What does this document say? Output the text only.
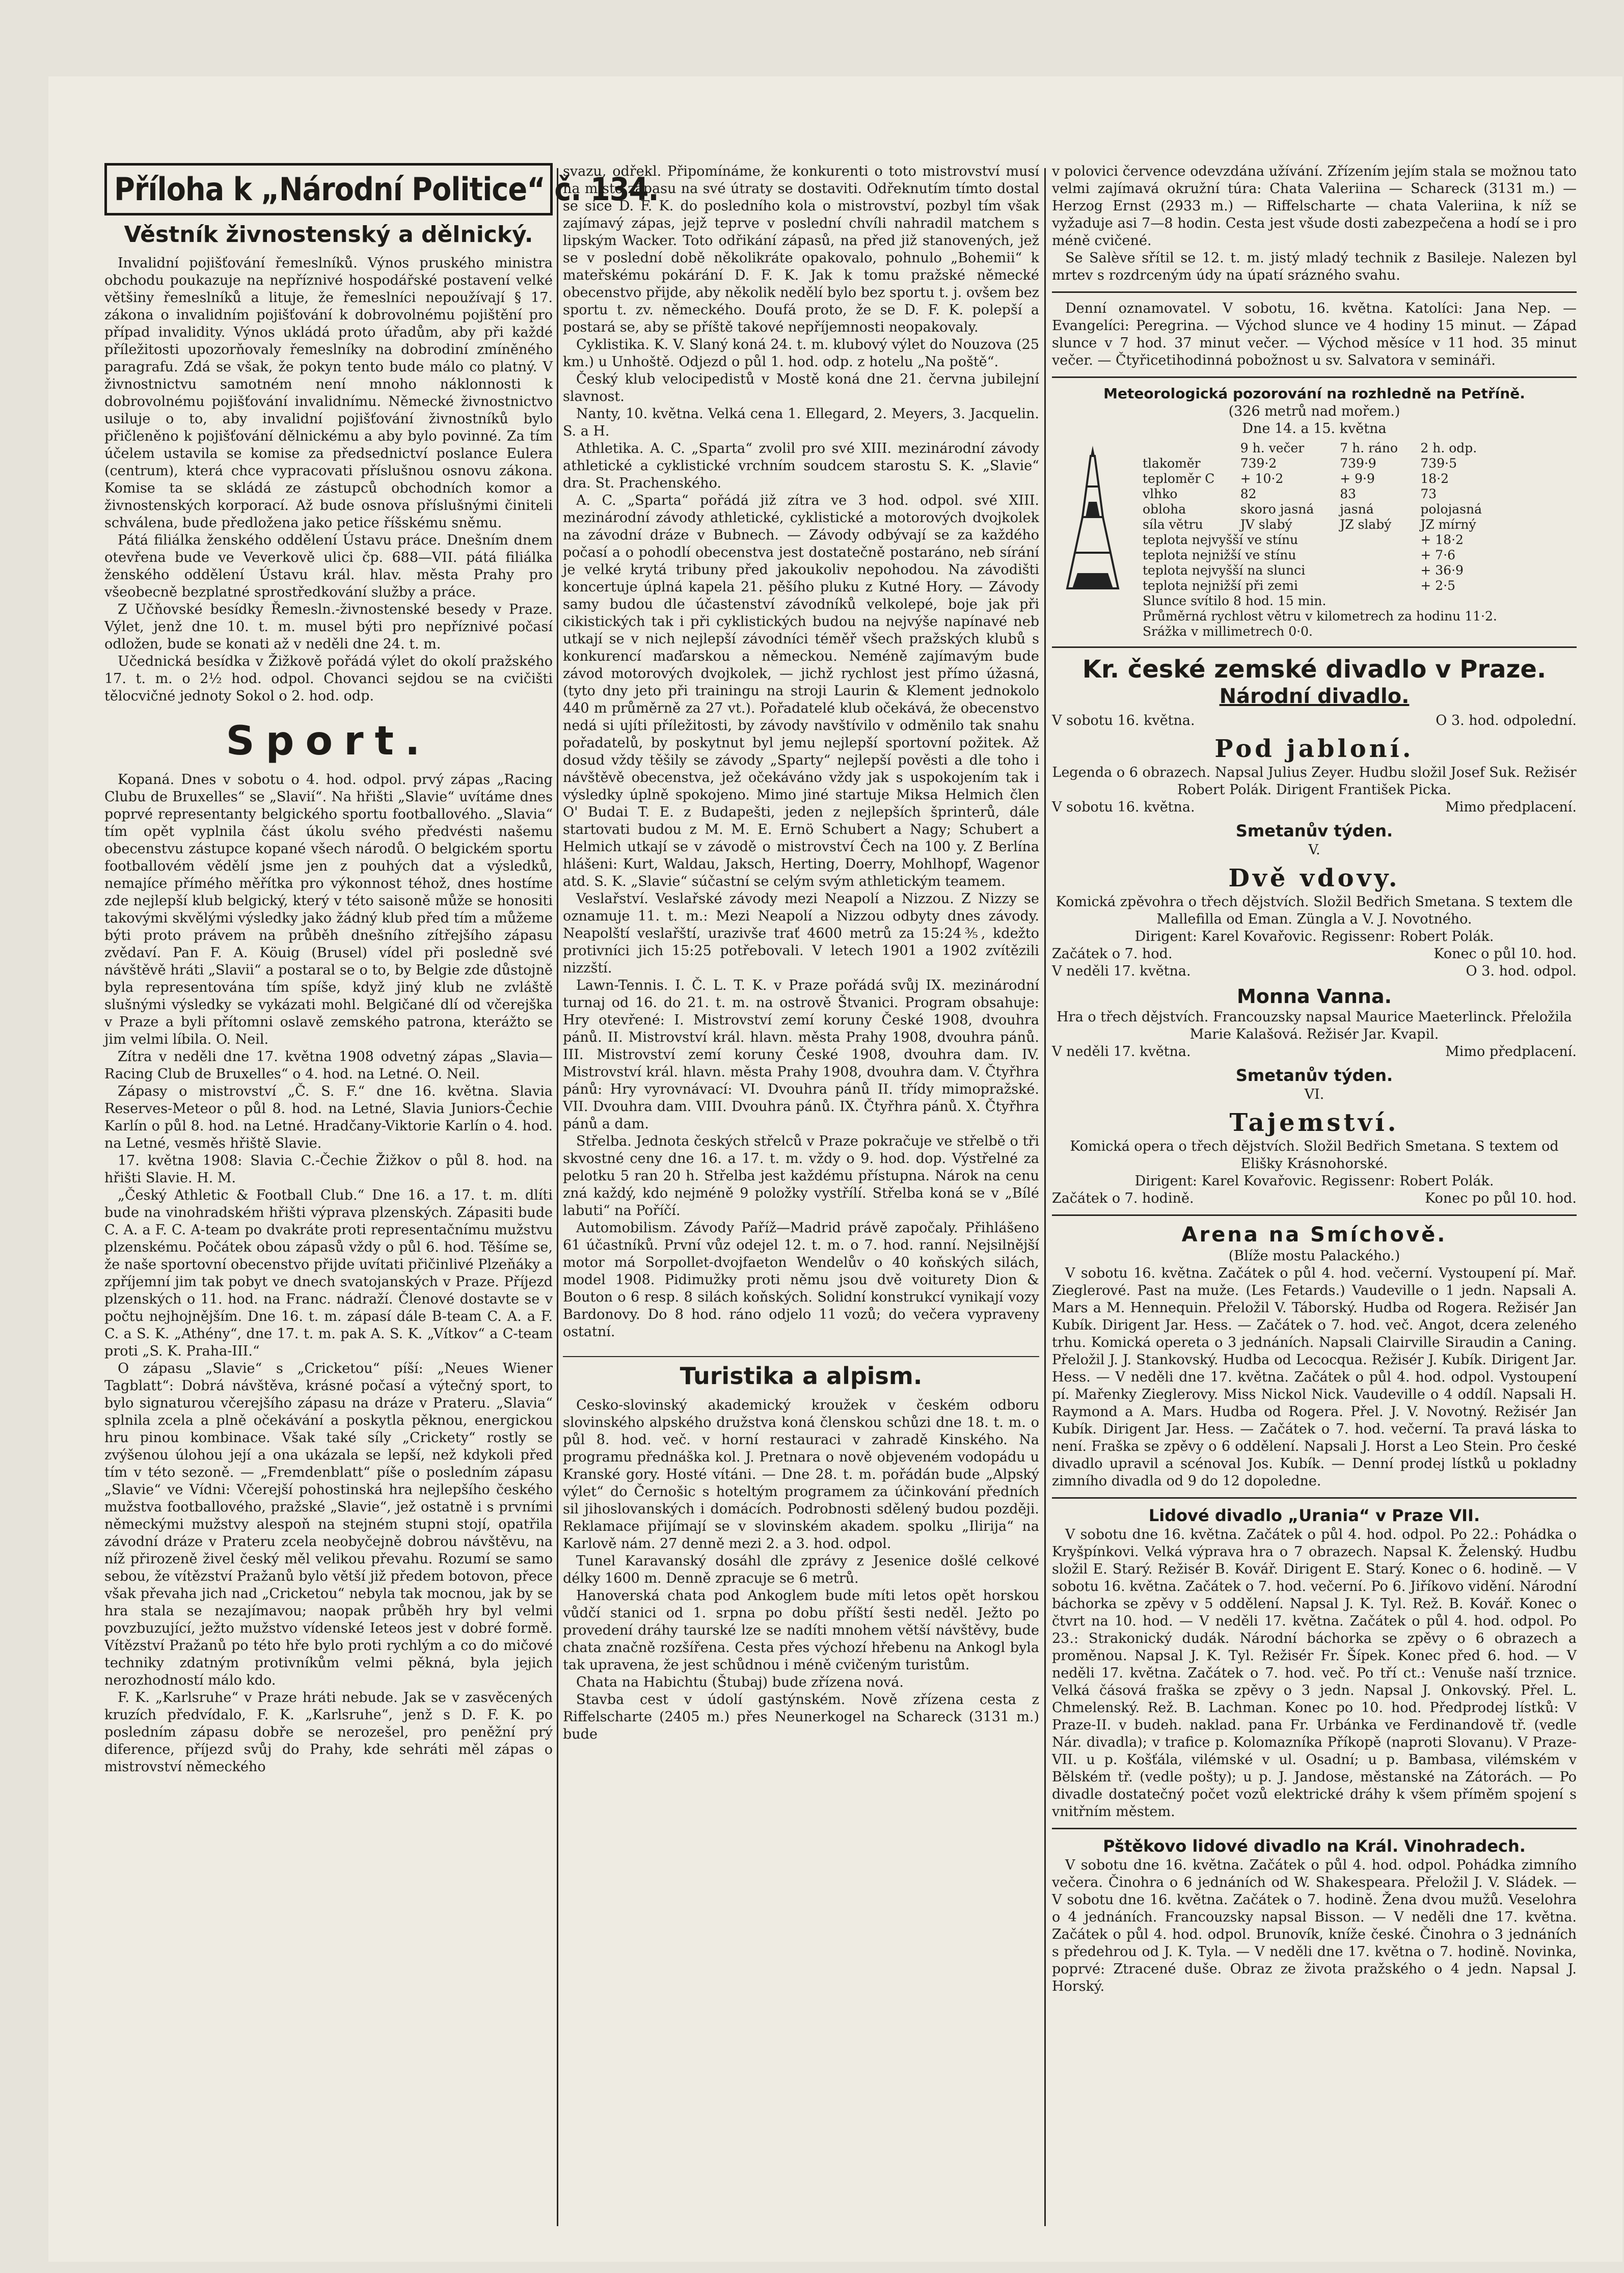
Příloha k „Národní Politice“ č. 134.
Věstník živnostenský a dělnický.

Invalidní pojišťování řemeslníků. Výnos pruského ministra obchodu poukazuje na nepříznivé hospodářské postavení velké většiny řemeslníků a lituje, že řemeslníci nepoužívají § 17. zákona o invalidním pojišťování k dobrovolnému pojištění pro případ invalidity. Výnos ukládá proto úřadům, aby při každé příležitosti upozorňovaly řemeslníky na dobrodiní zmíněného paragrafu. Zdá se však, že pokyn tento bude málo co platný. V živnostnictvu samotném není mnoho náklonnosti k dobrovolnému pojišťování invalidnímu. Německé živnostnictvo usiluje o to, aby invalidní pojišťování živnostníků bylo přičleněno k pojišťování dělnickému a aby bylo povinné. Za tím účelem ustavila se komise za předsednictví poslance Eulera (centrum), která chce vypracovati příslušnou osnovu zákona. Komise ta se skládá ze zástupců obchodních komor a živnostenských korporací. Až bude osnova příslušnými činiteli schválena, bude předložena jako petice říšskému sněmu.

Pátá filiálka ženského oddělení Ústavu práce. Dnešním dnem otevřena bude ve Veverkově ulici čp. 688—VII. pátá filiálka ženského oddělení Ústavu král. hlav. města Prahy pro všeobecně bezplatné sprostředkování služby a práce.

Z Učňovské besídky Řemesln.-živnostenské besedy v Praze. Výlet, jenž dne 10. t. m. musel býti pro nepříznivé počasí odložen, bude se konati až v neděli dne 24. t. m.

Učednická besídka v Žižkově pořádá výlet do okolí pražského 17. t. m. o 2½ hod. odpol. Chovanci sejdou se na cvičišti tělocvičné jednoty Sokol o 2. hod. odp.

Sport.

Kopaná. Dnes v sobotu o 4. hod. odpol. prvý zápas „Racing Clubu de Bruxelles“ se „Slavií“. Na hřišti „Slavie“ uvítáme dnes poprvé representanty belgického sportu footballového. „Slavia“ tím opět vyplnila část úkolu svého předvésti našemu obecenstvu zástupce kopané všech národů. O belgickém sportu footballovém vědělí jsme jen z pouhých dat a výsledků, nemajíce přímého měřítka pro výkonnost téhož, dnes hostíme zde nejlepší klub belgický, který v této saisoně může se honositi takovými skvělými výsledky jako žádný klub před tím a můžeme býti proto právem na průběh dnešního zítřejšího zápasu zvědaví. Pan F. A. Köuig (Brusel) vídel při posledně své návštěvě hráti „Slavii“ a postaral se o to, by Belgie zde důstojně byla representována tím spíše, když jiný klub ne zvláště slušnými výsledky se vykázati mohl. Belgičané dlí od včerejška v Praze a byli přítomni oslavě zemského patrona, kterážto se jim velmi líbila. O. Neil.

Zítra v neděli dne 17. května 1908 odvetný zápas „Slavia—Racing Club de Bruxelles“ o 4. hod. na Letné. O. Neil.

Zápasy o mistrovství „Č. S. F.“ dne 16. května. Slavia Reserves-Meteor o půl 8. hod. na Letné, Slavia Juniors-Čechie Karlín o půl 8. hod. na Letné. Hradčany-Viktorie Karlín o 4. hod. na Letné, vesměs hřiště Slavie.

17. května 1908: Slavia C.-Čechie Žižkov o půl 8. hod. na hřišti Slavie. H. M.

„Český Athletic & Football Club.“ Dne 16. a 17. t. m. dlíti bude na vinohradském hřišti výprava plzenských. Zápasiti bude C. A. a F. C. A-team po dvakráte proti representačnímu mužstvu plzenskému. Počátek obou zápasů vždy o půl 6. hod. Těšíme se, že naše sportovní obecenstvo přijde uvítati přičinlivé Plzeňáky a zpříjemní jim tak pobyt ve dnech svatojanských v Praze. Příjezd plzenských o 11. hod. na Franc. nádraží. Členové dostavte se v počtu nejhojnějším. Dne 16. t. m. zápasí dále B-team C. A. a F. C. a S. K. „Athény“, dne 17. t. m. pak A. S. K. „Vítkov“ a C-team proti „S. K. Praha-III.“

O zápasu „Slavie“ s „Cricketou“ píší: „Neues Wiener Tagblatt“: Dobrá návštěva, krásné počasí a výtečný sport, to bylo signaturou včerejšího zápasu na dráze v Prateru. „Slavia“ splnila zcela a plně očekávání a poskytla pěknou, energickou hru pinou kombinace. Však také síly „Crickety“ rostly se zvýšenou úlohou její a ona ukázala se lepší, než kdykoli před tím v této sezoně. — „Fremdenblatt“ píše o posledním zápasu „Slavie“ ve Vídni: Včerejší pohostinská hra nejlepšího českého mužstva footballového, pražské „Slavie“, jež ostatně i s prvními německými mužstvy alespoň na stejném stupni stojí, opatřila závodní dráze v Prateru zcela neobyčejně dobrou návštěvu, na níž přirozeně živel český měl velikou převahu. Rozumí se samo sebou, že vítězství Pražanů bylo větší již předem botovon, přece však převaha jich nad „Cricketou“ nebyla tak mocnou, jak by se hra stala se nezajímavou; naopak průběh hry byl velmi povzbuzující, ježto mužstvo vídenské Ieteos jest v dobré formě. Vítězství Pražanů po této hře bylo proti rychlým a co do mičové techniky zdatným protivníkům velmi pěkná, byla jejich nerozhodností málo kdo.

F. K. „Karlsruhe“ v Praze hráti nebude. Jak se v zasvěcených kruzích předvídalo, F. K. „Karlsruhe“, jenž s D. F. K. po posledním zápasu dobře se nerozešel, pro peněžní prý diference, příjezd svůj do Prahy, kde sehráti měl zápas o mistrovství německého

svazu, odřekl. Připomínáme, že konkurenti o toto mistrovství musí na místo zápasu na své útraty se dostaviti. Odřeknutím tímto dostal se sice D. F. K. do posledního kola o mistrovství, pozbyl tím však zajímavý zápas, jejž teprve v poslední chvíli nahradil matchem s lipským Wacker. Toto odřikání zápasů, na před již stanovených, jež se v poslední době několikráte opakovalo, pohnulo „Bohemii“ k mateřskému pokárání D. F. K. Jak k tomu pražské německé obecenstvo přijde, aby několik nedělí bylo bez sportu t. j. ovšem bez sportu t. zv. německého. Doufá proto, že se D. F. K. polepší a postará se, aby se příště takové nepříjemnosti neopakovaly.

Cyklistika. K. V. Slaný koná 24. t. m. klubový výlet do Nouzova (25 km.) u Unhoště. Odjezd o půl 1. hod. odp. z hotelu „Na poště“.

Český klub velocipedistů v Mostě koná dne 21. června jubilejní slavnost.

Nanty, 10. května. Velká cena 1. Ellegard, 2. Meyers, 3. Jacquelin. S. a H.

Athletika. A. C. „Sparta“ zvolil pro své XIII. mezinárodní závody athletické a cyklistické vrchním soudcem starostu S. K. „Slavie“ dra. St. Prachenského.

A. C. „Sparta“ pořádá již zítra ve 3 hod. odpol. své XIII. mezinárodní závody athletické, cyklistické a motorových dvojkolek na závodní dráze v Bubnech. — Závody odbývají se za každého počasí a o pohodlí obecenstva jest dostatečně postaráno, neb sírání je velké krytá tribuny před jakoukoliv nepohodou. Na závodišti koncertuje úplná kapela 21. pěšího pluku z Kutné Hory. — Závody samy budou dle účastenství závodníků velkolepé, boje jak při cikistických tak i při cyklistických budou na nejvýše napínavé neb utkají se v nich nejlepší závodníci téměř všech pražských klubů s konkurencí maďarskou a německou. Neméně zajímavým bude závod motorových dvojkolek, — jichž rychlost jest přímo úžasná, (tyto dny jeto při trainingu na stroji Laurin & Klement jednokolo 440 m průměrně za 27 vt.). Pořadatelé klub očekává, že obecenstvo nedá si ujíti příležitosti, by závody navštívilo v odměnilo tak snahu pořadatelů, by poskytnut byl jemu nejlepší sportovní požitek. Až dosud vždy těšily se závody „Sparty“ nejlepší pověsti a dle toho i návštěvě obecenstva, jež očekáváno vždy jak s uspokojením tak i výsledky úplně spokojeno. Mimo jiné startuje Miksa Helmich člen O' Budai T. E. z Budapešti, jeden z nejlepších šprinterů, dále startovati budou z M. M. E. Ernö Schubert a Nagy; Schubert a Helmich utkají se v závodě o mistrovství Čech na 100 y. Z Berlína hlášeni: Kurt, Waldau, Jaksch, Herting, Doerry, Mohlhopf, Wagenor atd. S. K. „Slavie“ súčastní se celým svým athletickým teamem.

Veslařství. Veslařské závody mezi Neapolí a Nizzou. Z Nizzy se oznamuje 11. t. m.: Mezi Neapolí a Nizzou odbyty dnes závody. Neapolští veslařští, urazivše trať 4600 metrů za 15:24⅗, kdežto protivníci jich 15:25 potřebovali. V letech 1901 a 1902 zvítězili nizzští.

Lawn-Tennis. I. Č. L. T. K. v Praze pořádá svůj IX. mezinárodní turnaj od 16. do 21. t. m. na ostrově Štvanici. Program obsahuje: Hry otevřené: I. Mistrovství zemí koruny České 1908, dvouhra pánů. II. Mistrovství král. hlavn. města Prahy 1908, dvouhra pánů. III. Mistrovství zemí koruny České 1908, dvouhra dam. IV. Mistrovství král. hlavn. města Prahy 1908, dvouhra dam. V. Čtyřhra pánů: Hry vyrovnávací: VI. Dvouhra pánů II. třídy mimopražské. VII. Dvouhra dam. VIII. Dvouhra pánů. IX. Čtyřhra pánů. X. Čtyřhra pánů a dam.

Střelba. Jednota českých střelců v Praze pokračuje ve střelbě o tři skvostné ceny dne 16. a 17. t. m. vždy o 9. hod. dop. Výstřelné za pelotku 5 ran 20 h. Střelba jest každému přístupna. Nárok na cenu zná každý, kdo nejméně 9 položky vystřílí. Střelba koná se v „Bílé labuti“ na Poříčí.

Automobilism. Závody Paříž—Madrid právě započaly. Přihlášeno 61 účastníků. První vůz odejel 12. t. m. o 7. hod. ranní. Nejsilnější motor má Sorpollet-dvojfaeton Wendelův o 40 koňských silách, model 1908. Pidimužky proti němu jsou dvě voiturety Dion & Bouton o 6 resp. 8 silách koňských. Solidní konstrukcí vynikají vozy Bardonovy. Do 8 hod. ráno odjelo 11 vozů; do večera vypraveny ostatní.

Turistika a alpism.

Cesko-slovinský akademický kroužek v českém odboru slovinského alpského družstva koná členskou schůzi dne 18. t. m. o půl 8. hod. več. v horní restauraci v zahradě Kinského. Na programu přednáška kol. J. Pretnara o nově objeveném vodopádu u Kranské gory. Hosté vítáni. — Dne 28. t. m. pořádán bude „Alpský výlet“ do Černošic s hoteltým programem za účinkování předních sil jihoslovanských i domácích. Podrobnosti sdělený budou později. Reklamace přijímají se v slovinském akadem. spolku „Ilirija“ na Karlově nám. 27 denně mezi 2. a 3. hod. odpol.

Tunel Karavanský dosáhl dle zprávy z Jesenice došlé celkové délky 1600 m. Denně zpracuje se 6 metrů.

Hanoverská chata pod Ankoglem bude míti letos opět horskou vůdčí stanici od 1. srpna po dobu příští šesti neděl. Ježto po provedení dráhy taurské lze se nadíti mnohem větší návštěvy, bude chata značně rozšířena. Cesta přes výchozí hřebenu na Ankogl byla tak upravena, že jest schůdnou i méně cvičeným turistům.

Chata na Habichtu (Štubaj) bude zřízena nová.

Stavba cest v údolí gastýnském. Nově zřízena cesta z Riffelscharte (2405 m.) přes Neunerkogel na Schareck (3131 m.) bude

v polovici července odevzdána užívání. Zřízením jejím stala se možnou tato velmi zajímavá okružní túra: Chata Valeriina — Schareck (3131 m.) — Herzog Ernst (2933 m.) — Riffelscharte — chata Valeriina, k níž se vyžaduje asi 7—8 hodin. Cesta jest všude dosti zabezpečena a hodí se i pro méně cvičené.

Se Salève sřítil se 12. t. m. jistý mladý technik z Basileje. Nalezen byl mrtev s rozdrceným údy na úpatí srázného svahu.

Denní oznamovatel. V sobotu, 16. května. Katolíci: Jana Nep. — Evangelíci: Peregrina. — Východ slunce ve 4 hodiny 15 minut. — Západ slunce v 7 hod. 37 minut večer. — Východ měsíce v 11 hod. 35 minut večer. — Čtyřicetihodinná pobožnost u sv. Salvatora v semináři.

Meteorologická pozorování na rozhledně na Petříně.
(326 metrů nad mořem.)
Dne 14. a 15. května
	9 h. večer	7 h. ráno	2 h. odp.
tlakoměr	739·2	739·9	739·5
teploměr C	+ 10·2	+ 9·9	18·2
vlhko	82	83	73
obloha	skoro jasná	jasná	polojasná
síla větru	JV slabý	JZ slabý	JZ mírný
teplota nejvyšší ve stínu			+ 18·2
teplota nejnižší ve stínu			+ 7·6
teplota nejvyšší na slunci			+ 36·9
teplota nejnižší při zemi			+ 2·5
Slunce svítilo 8 hod. 15 min.			
Průměrná rychlost větru v kilometrech za hodinu 11·2.			
Srážka v millimetrech 0·0.			
Kr. české zemské divadlo v Praze.
Národní divadlo.
V sobotu 16. května.	O 3. hod. odpolední.
Pod jabloní.
Legenda o 6 obrazech. Napsal Julius Zeyer. Hudbu složil Josef Suk. Režisér Robert Polák. Dirigent František Picka.
V sobotu 16. května.	Mimo předplacení.
Smetanův týden.
V.
Dvě vdovy.
Komická zpěvohra o třech dějstvích. Složil Bedřich Smetana. S textem dle Mallefilla od Eman. Züngla a V. J. Novotného.
Dirigent: Karel Kovařovic. Regissenr: Robert Polák.
Začátek o 7. hod.	Konec o půl 10. hod.
V neděli 17. května.	O 3. hod. odpol.
Monna Vanna.
Hra o třech dějstvích. Francouzsky napsal Maurice Maeterlinck. Přeložila Marie Kalašová. Režisér Jar. Kvapil.
V neděli 17. května.	Mimo předplacení.
Smetanův týden.
VI.
Tajemství.
Komická opera o třech dějstvích. Složil Bedřich Smetana. S textem od Elišky Krásnohorské.
Dirigent: Karel Kovařovic. Regissenr: Robert Polák.
Začátek o 7. hodině.	Konec po půl 10. hod.
Arena na Smíchově.
(Blíže mostu Palackého.)

V sobotu 16. května. Začátek o půl 4. hod. večerní. Vystoupení pí. Mař. Zieglerové. Past na muže. (Les Fetards.) Vaudeville o 1 jedn. Napsali A. Mars a M. Hennequin. Přeložil V. Táborský. Hudba od Rogera. Režisér Jan Kubík. Dirigent Jar. Hess. — Začátek o 7. hod. več. Angot, dcera zeleného trhu. Komická opereta o 3 jednáních. Napsali Clairville Siraudin a Caning. Přeložil J. J. Stankovský. Hudba od Lecocqua. Režisér J. Kubík. Dirigent Jar. Hess. — V neděli dne 17. května. Začátek o půl 4. hod. odpol. Vystoupení pí. Mařenky Zieglerovy. Miss Nickol Nick. Vaudeville o 4 oddíl. Napsali H. Raymond a A. Mars. Hudba od Rogera. Přel. J. V. Novotný. Režisér Jan Kubík. Dirigent Jar. Hess. — Začátek o 7. hod. večerní. Ta pravá láska to není. Fraška se zpěvy o 6 oddělení. Napsali J. Horst a Leo Stein. Pro české divadlo upravil a scénoval Jos. Kubík. — Denní prodej lístků u pokladny zimního divadla od 9 do 12 dopoledne.

Lidové divadlo „Urania“ v Praze VII.

V sobotu dne 16. května. Začátek o půl 4. hod. odpol. Po 22.: Pohádka o Kryšpínkovi. Velká výprava hra o 7 obrazech. Napsal K. Želenský. Hudbu složil E. Starý. Režisér B. Kovář. Dirigent E. Starý. Konec o 6. hodině. — V sobotu 16. května. Začátek o 7. hod. večerní. Po 6. Jiříkovo vidění. Národní báchorka se zpěvy v 5 oddělení. Napsal J. K. Tyl. Rež. B. Kovář. Konec o čtvrt na 10. hod. — V neděli 17. května. Začátek o půl 4. hod. odpol. Po 23.: Strakonický dudák. Národní báchorka se zpěvy o 6 obrazech a proměnou. Napsal J. K. Tyl. Režisér Fr. Šípek. Konec před 6. hod. — V neděli 17. května. Začátek o 7. hod. več. Po tří ct.: Venuše naší trznice. Velká čásová fraška se zpěvy o 3 jedn. Napsal J. Onkovský. Přel. L. Chmelenský. Rež. B. Lachman. Konec po 10. hod. Předprodej lístků: V Praze-II. v budeh. naklad. pana Fr. Urbánka ve Ferdinandově tř. (vedle Nár. divadla); v trafice p. Kolomazníka Příkopě (naproti Slovanu). V Praze-VII. u p. Košťála, vilémské v ul. Osadní; u p. Bambasa, vilémském v Bělském tř. (vedle pošty); u p. J. Jandose, městanské na Zátorách. — Po divadle dostatečný počet vozů elektrické dráhy k všem příměm spojení s vnitřním městem.

Pštěkovo lidové divadlo na Král. Vinohradech.

V sobotu dne 16. května. Začátek o půl 4. hod. odpol. Pohádka zimního večera. Činohra o 6 jednáních od W. Shakespeara. Přeložil J. V. Sládek. — V sobotu dne 16. května. Začátek o 7. hodině. Žena dvou mužů. Veselohra o 4 jednáních. Francouzsky napsal Bisson. — V neděli dne 17. května. Začátek o půl 4. hod. odpol. Brunovík, kníže české. Činohra o 3 jednáních s předehrou od J. K. Tyla. — V neděli dne 17. května o 7. hodině. Novinka, poprvé: Ztracené duše. Obraz ze života pražského o 4 jedn. Napsal J. Horský.
